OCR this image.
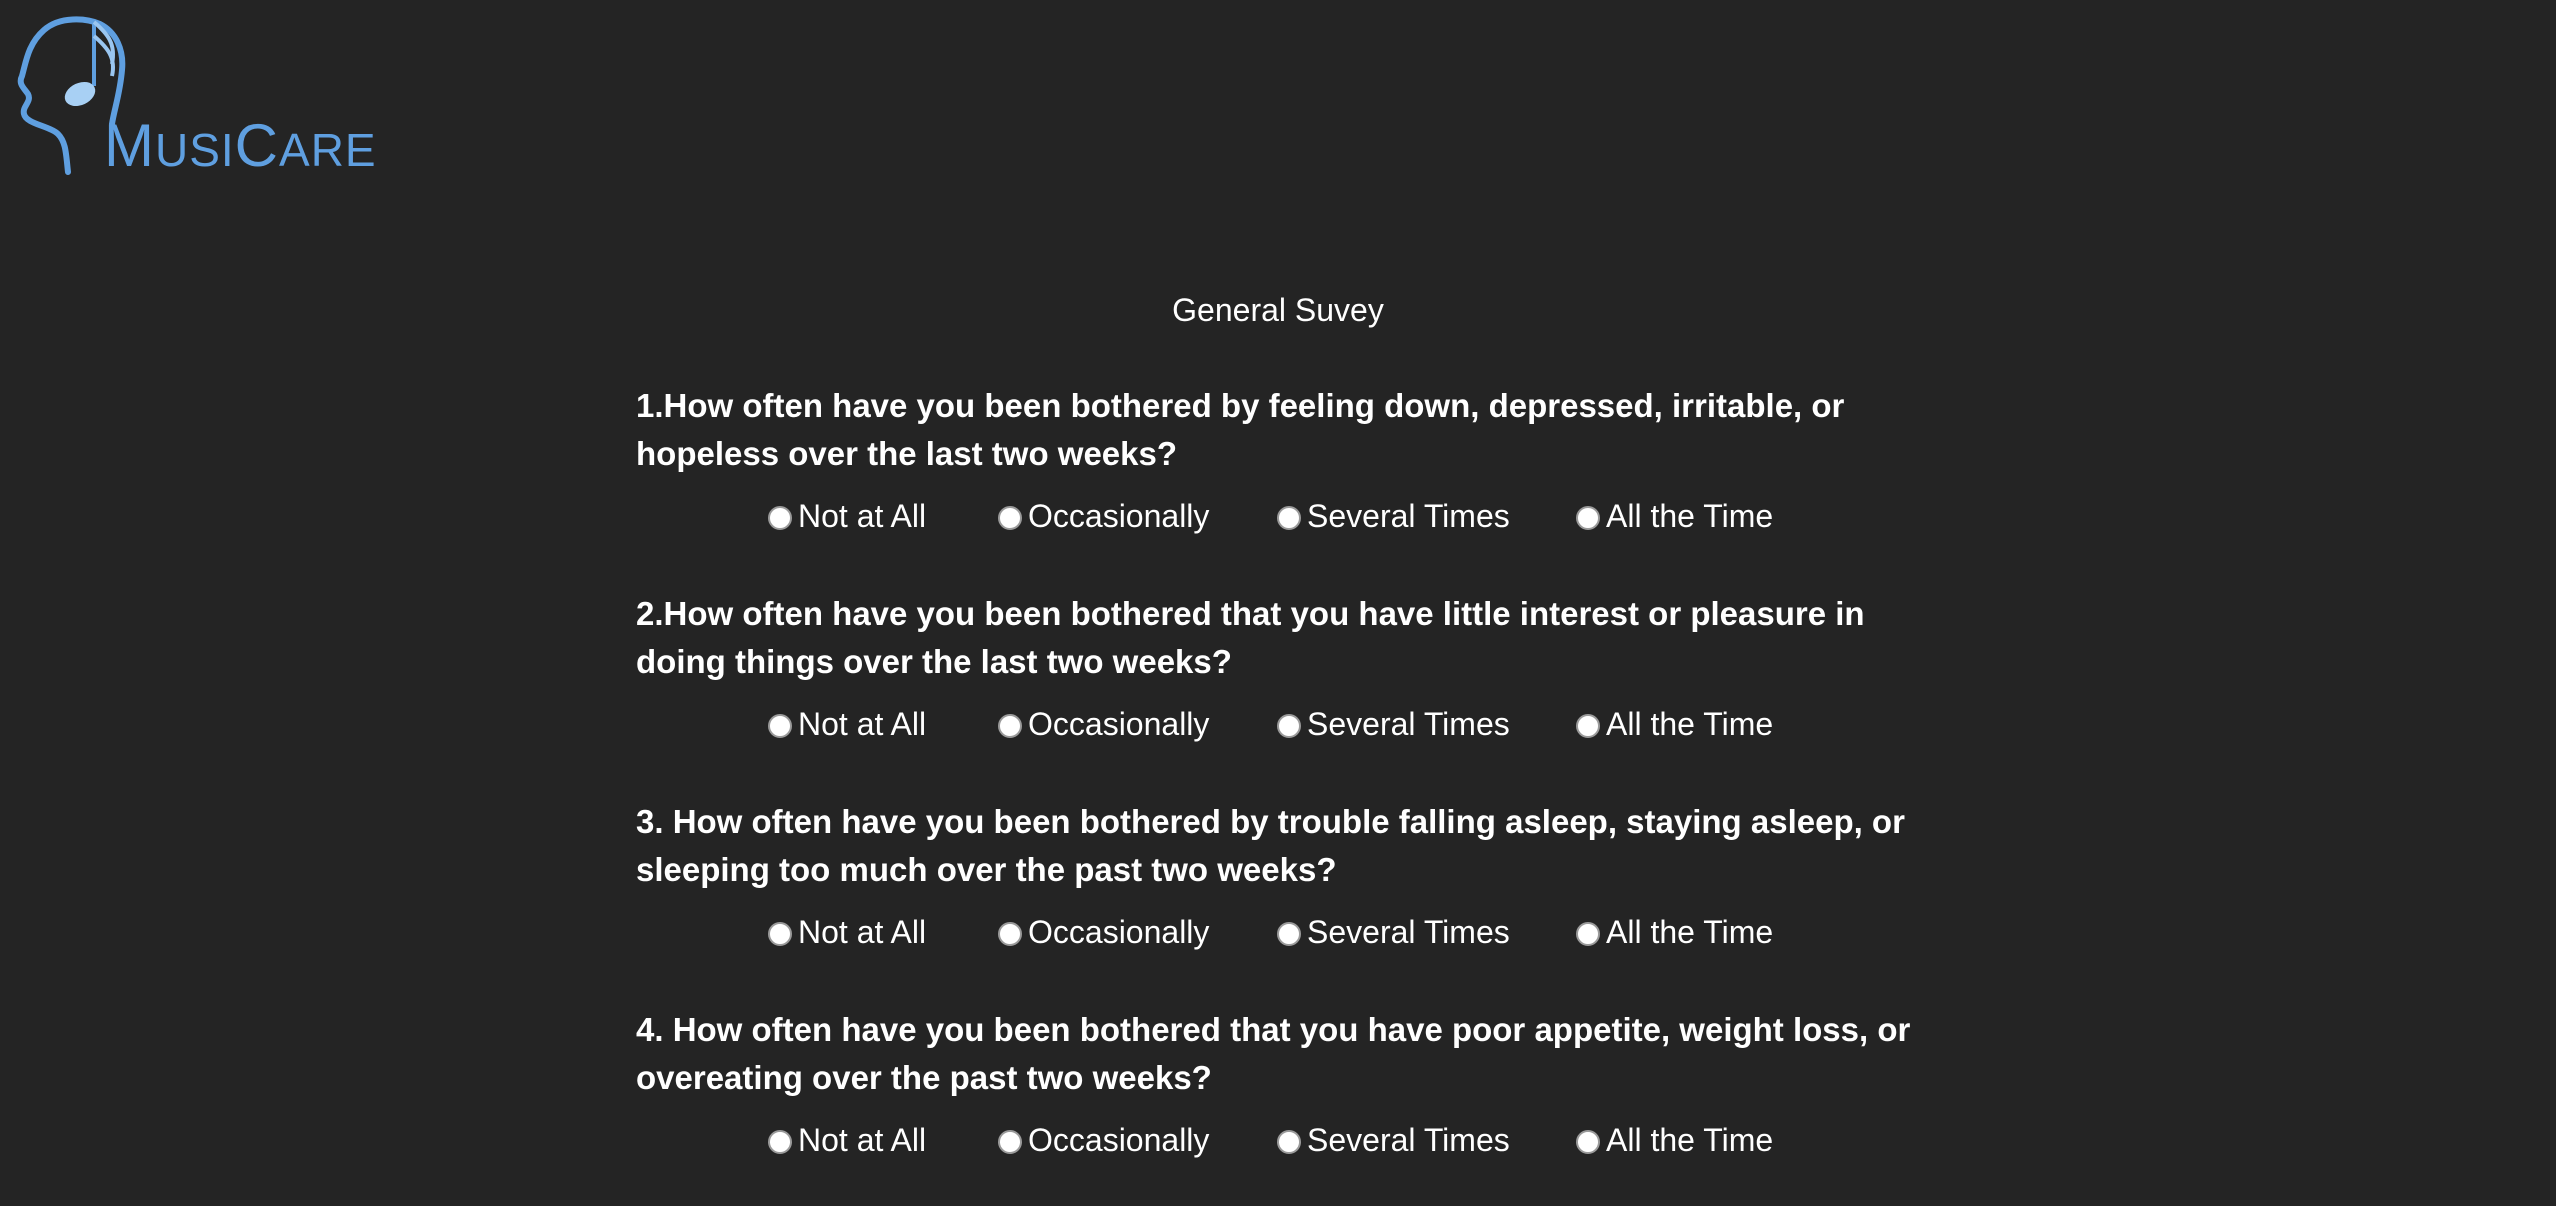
MUSICARE
General Suvey

1.How often have you been bothered by feeling down, depressed, irritable, or hopeless over the last two weeks?

Not at All	Occasionally	Several Times	All the Time

2.How often have you been bothered that you have little interest or pleasure in doing things over the last two weeks?

Not at All	Occasionally	Several Times	All the Time

3. How often have you been bothered by trouble falling asleep, staying asleep, or sleeping too much over the past two weeks?

Not at All	Occasionally	Several Times	All the Time

4. How often have you been bothered that you have poor appetite, weight loss, or overeating over the past two weeks?

Not at All	Occasionally	Several Times	All the Time
